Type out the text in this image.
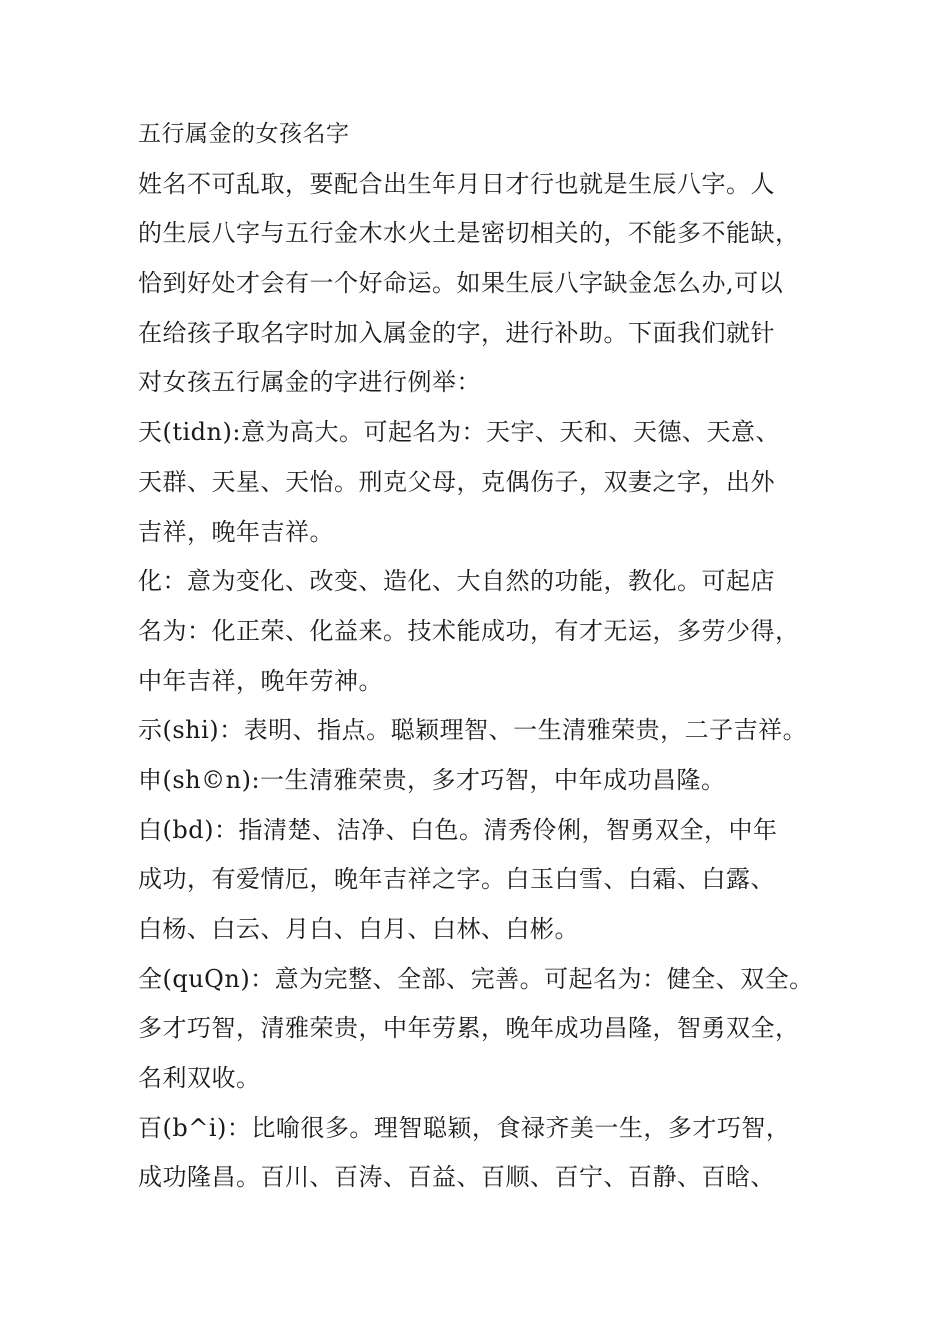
五行属金的女孩名字
姓名不可乱取，要配合出生年月日才行也就是生辰八字。人
的生辰八字与五行金木水火土是密切相关的，不能多不能缺，
恰到好处才会有一个好命运。如果生辰八字缺金怎么办,可以
在给孩子取名字时加入属金的字，进行补助。下面我们就针
对女孩五行属金的字进行例举：
天(tidn):意为高大。可起名为：天宇、天和、天德、天意、
天群、天星、天怡。刑克父母，克偶伤子，双妻之字，出外
吉祥，晚年吉祥。
化：意为变化、改变、造化、大自然的功能，教化。可起店
名为：化正荣、化益来。技术能成功，有才无运，多劳少得，
中年吉祥，晚年劳神。
示(shi)：表明、指点。聪颖理智、一生清雅荣贵，二子吉祥。
申(sh©n):一生清雅荣贵，多才巧智，中年成功昌隆。
白(bd)：指清楚、洁净、白色。清秀伶俐，智勇双全，中年
成功，有爱情厄，晚年吉祥之字。白玉白雪、白霜、白露、
白杨、白云、月白、白月、白林、白彬。
全(quQn)：意为完整、全部、完善。可起名为：健全、双全。
多才巧智，清雅荣贵，中年劳累，晚年成功昌隆，智勇双全，
名利双收。
百(b^i)：比喻很多。理智聪颖，食禄齐美一生，多才巧智，
成功隆昌。百川、百涛、百益、百顺、百宁、百静、百晗、
